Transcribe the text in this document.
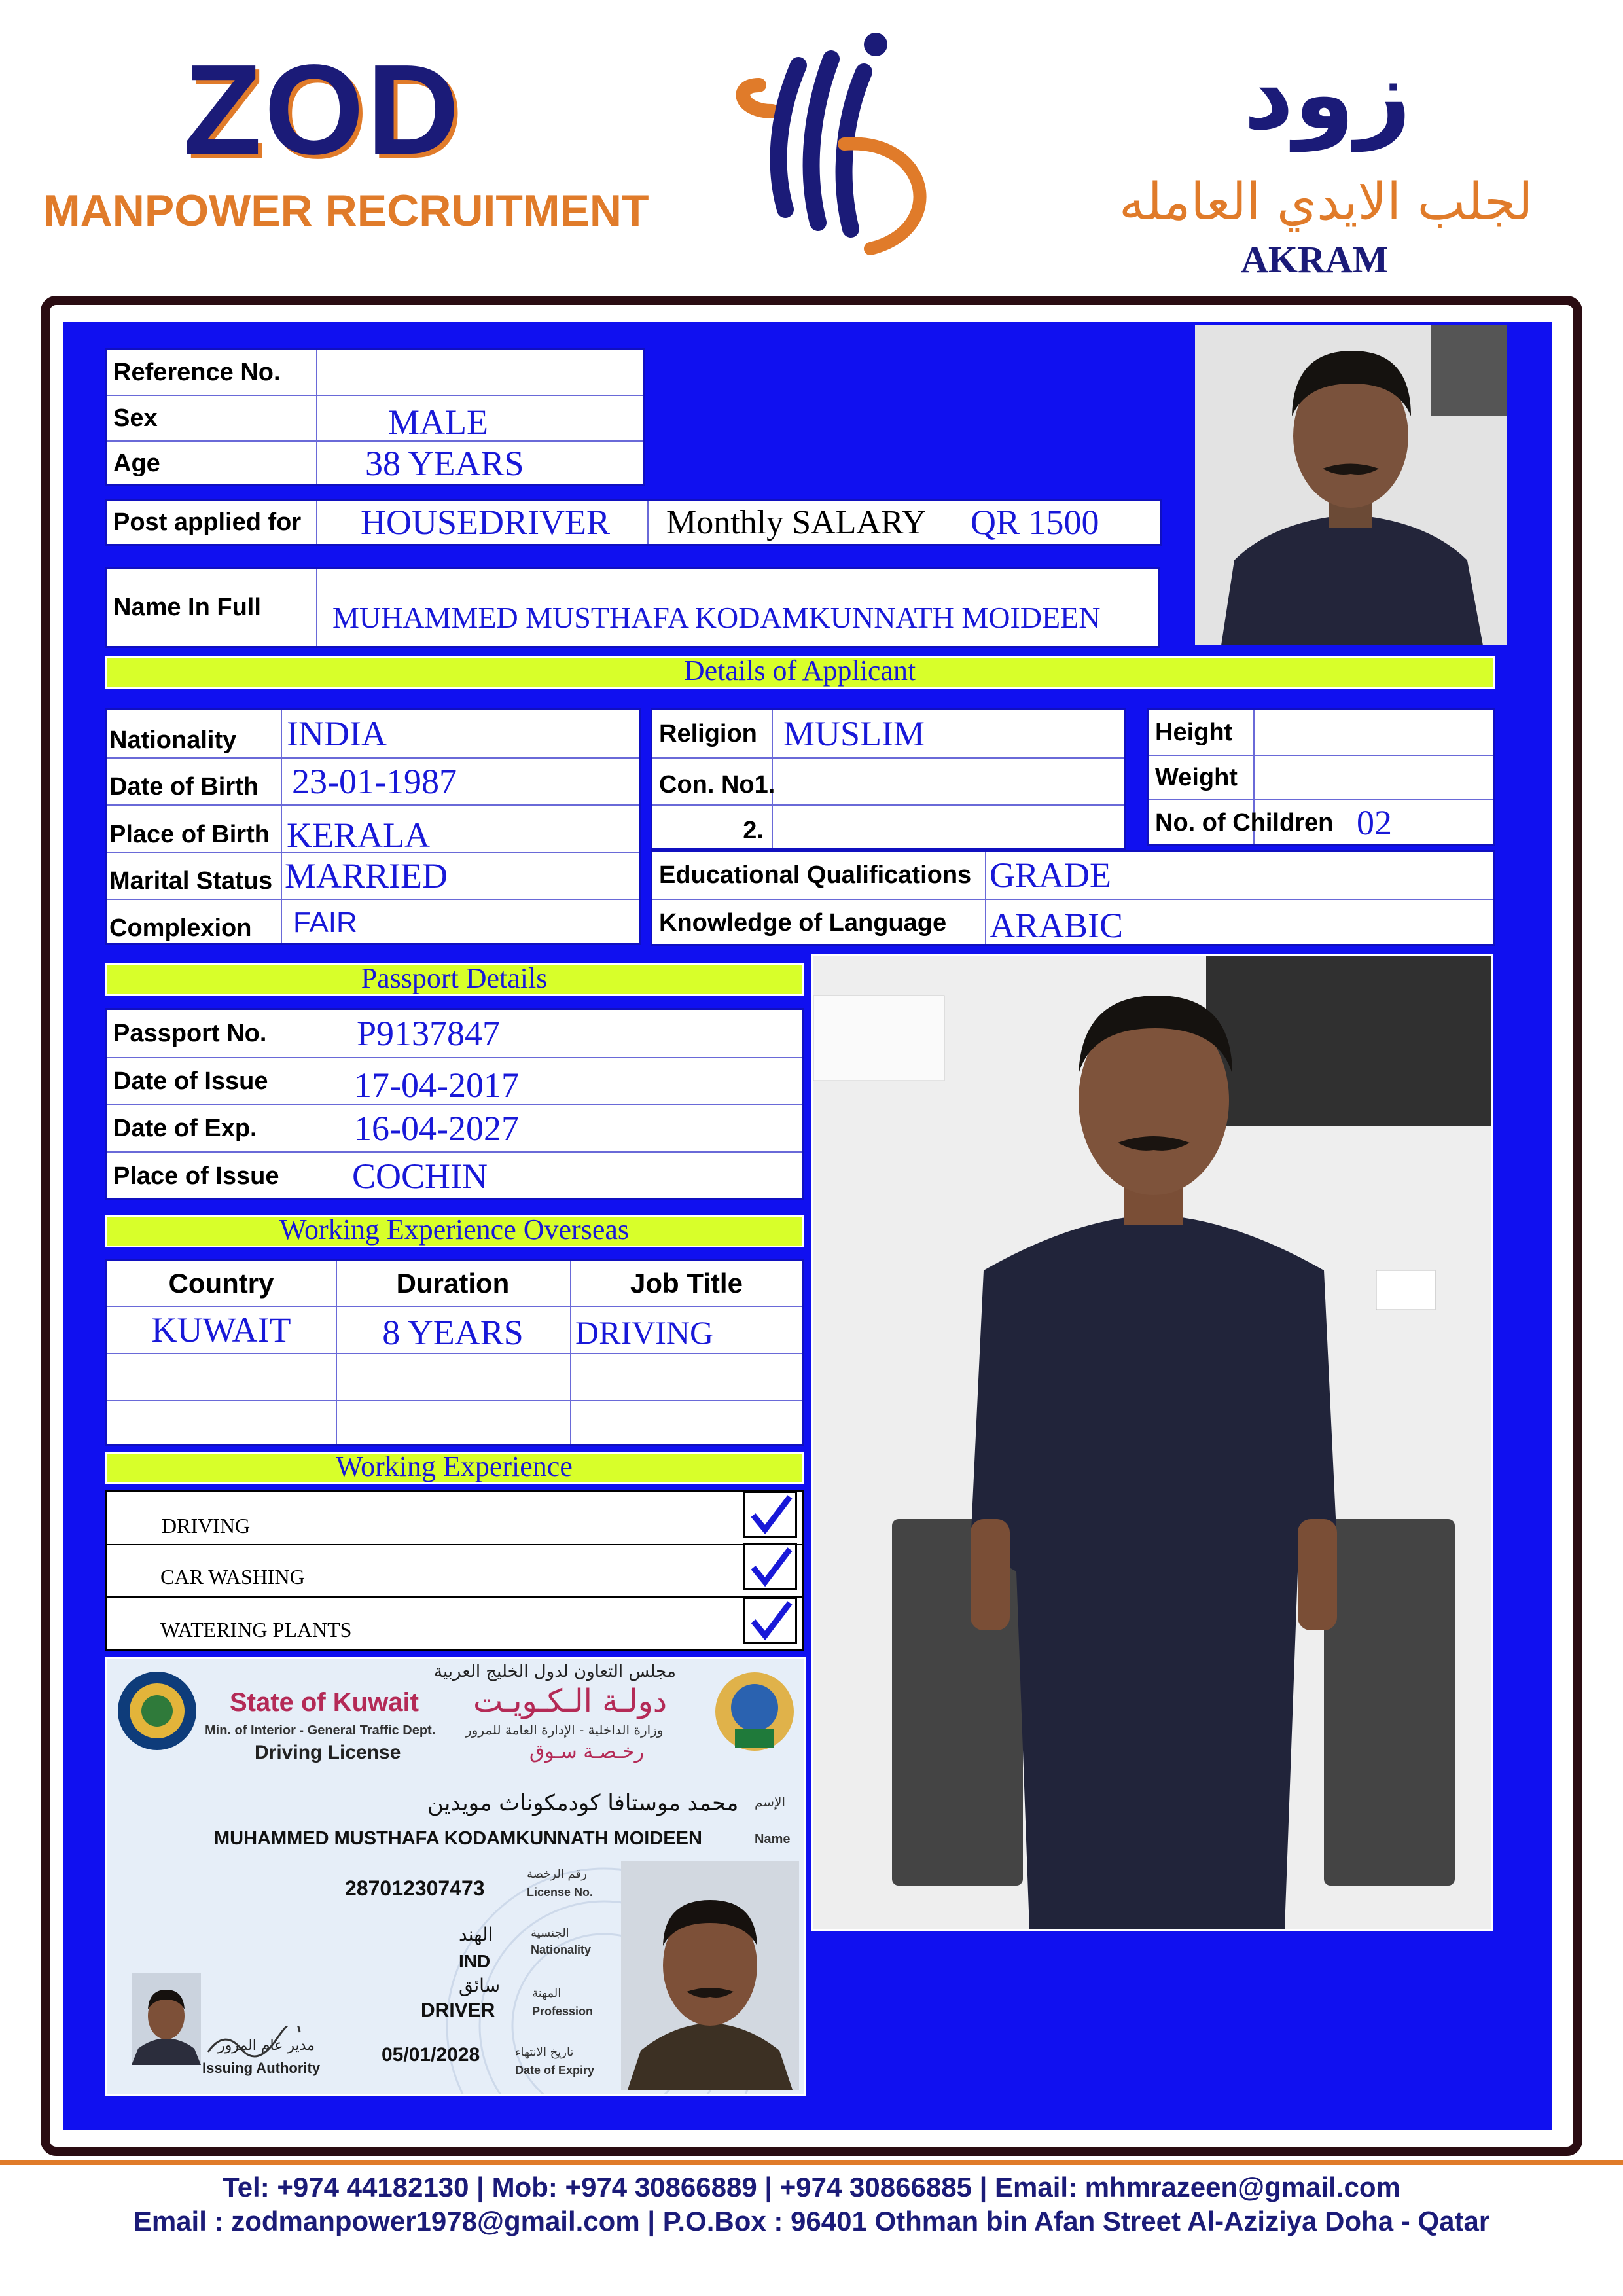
ZOD
MANPOWER RECRUITMENT
زود
لجلب الايدي العامله
AKRAM
Reference No.
Sex	MALE
Age	38 YEARS
Post applied for	HOUSEDRIVER Monthly SALARY QR 1500
Name In Full	MUHAMMED MUSTHAFA KODAMKUNNATH MOIDEEN
Details of Applicant
Nationality INDIA
Date of Birth 23-01-1987
Place of Birth KERALA
Marital Status MARRIED
Complexion FAIR
Religion MUSLIM
Con. No1.
2.
Height
Weight
No. of Children 02
Educational Qualifications GRADE
Knowledge of Language ARABIC
Passport Details
Passport No.	P9137847
Date of Issue 17-04-2017
Date of Exp.	16-04-2027
Place of Issue COCHIN
Working Experience Overseas
Country	Duration	Job Title
KUWAIT	8 YEARS	DRIVING
Working Experience
DRIVING
CAR WASHING
WATERING PLANTS
مجلس التعاون لدول الخليج العربية
State of Kuwait دولـة الـكـويـت
Min. of Interior - General Traffic Dept. وزارة الداخلية - الإدارة العامة للمرور
Driving License	رخـصـة سـوق
محمد موستافا كودمكوناث مويدين الإسم
MUHAMMED MUSTHAFA KODAMKUNNATH MOIDEEN	Name
287012307473
رقم الرخصة
License No.
الهند
IND
الجنسية
Nationality
سائق
DRIVER
المهنة
Profession
05/01/2028	تاريخ الانتهاء
Date of Expiry
مدير عام المرور
Issuing Authority
Tel: +974 44182130 | Mob: +974 30866889 | +974 30866885 | Email: mhmrazeen@gmail.com
Email : zodmanpower1978@gmail.com | P.O.Box : 96401 Othman bin Afan Street Al-Aziziya Doha - Qatar
